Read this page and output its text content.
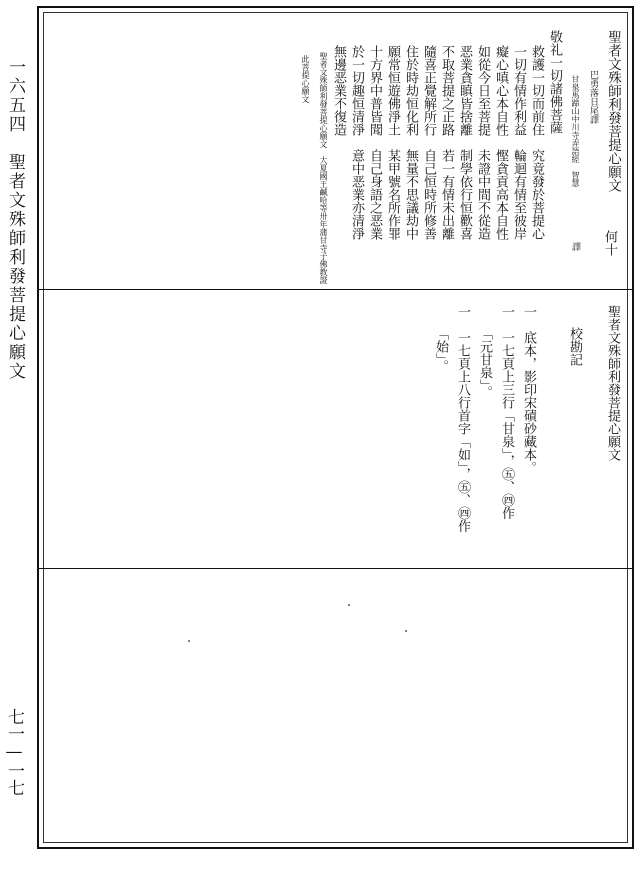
一六五四　聖者文殊師利發菩提心願文
七一—一七
聖者文殊師利發菩提心願文
何十
巴勇落日尾譯
甘泉馬蹄山中川寺弄語經　智慧
譯
敬礼一切諸佛菩薩
救護一切而前住　究竟發於菩提心
一切有情作利益　輪迴有情至彼岸
癡心嗔心本自性　慳貪貢高本自性
如從今日至菩提　未證中間不從造
恶業貪瞋皆捨離　制學依行恒歡喜
不取菩提之正路　若一有情未出離
隨喜正覺解所行　自己恒時所修善
住於時劫恒化利　無量不思議劫中
願常恒遊佛淨土　某甲號名所作罪
十方界中普皆聞　自己身語之恶業
於一切趣恒清淨　意中恶業亦清淨
無邊恶業不復造
聖者文殊師利發菩提心願文　大夏國王鹹哈等卅年蒲甘寺子佛教證
此菩提心願文
聖者文殊師利發菩提心願文
校勘記
一　底本，影印宋磧砂藏本。
一　一七頁上三行「甘泉」，㊄、㊃作
「元甘泉」。
一　一七頁上八行首字「如」，㊄、㊃作
「始」。
